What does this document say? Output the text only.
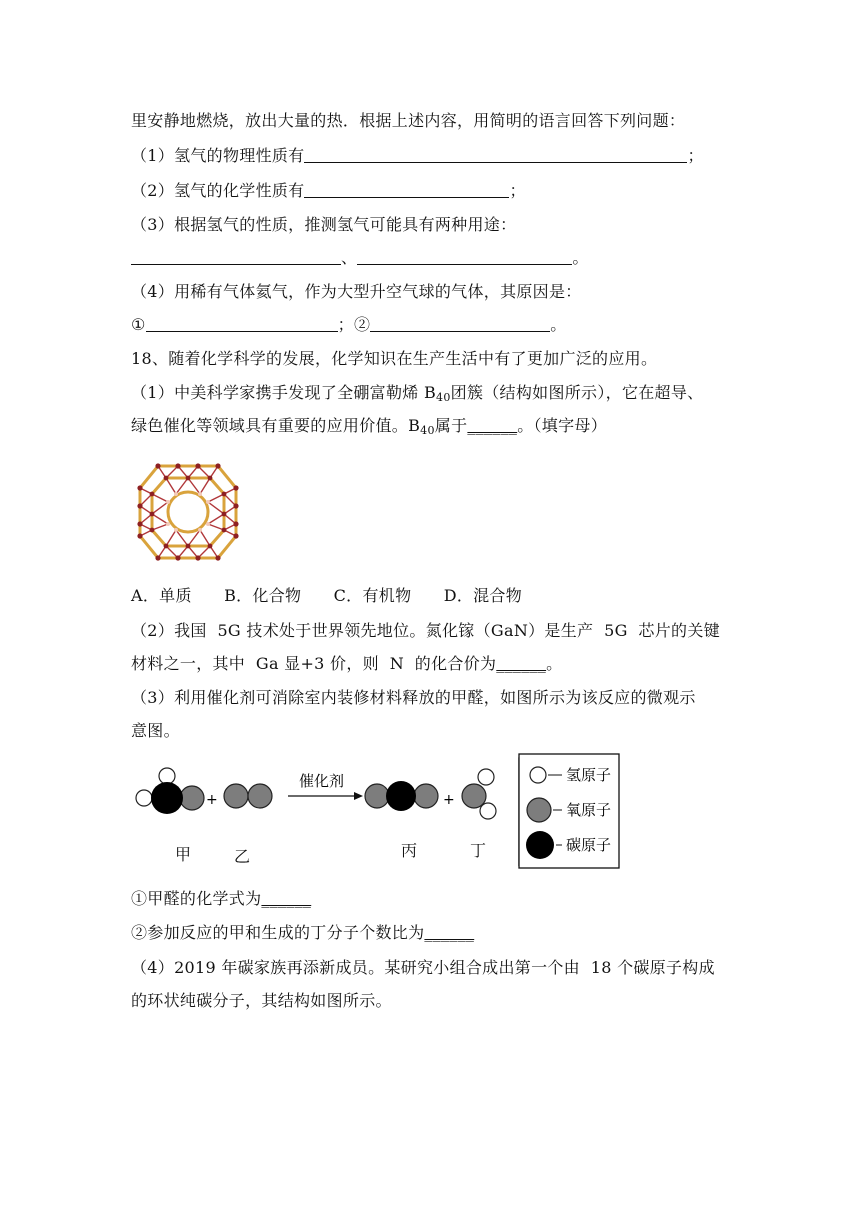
里安静地燃烧，放出大量的热．根据上述内容，用简明的语言回答下列问题：
（1）氢气的物理性质有	；
（2）氢气的化学性质有	；
（3）根据氢气的性质，推测氢气可能具有两种用途：
、	。
（4）用稀有气体氦气，作为大型升空气球的气体，其原因是：
①	；②	。
18、随着化学科学的发展，化学知识在生产生活中有了更加广泛的应用。
（1）中美科学家携手发现了全硼富勒烯 $B_{40}$团簇（结构如图所示），它在超导、
绿色催化等领域具有重要的应用价值。$B_{40}$属于______。（填字母）
A．单质      B．化合物      C．有机物      D．混合物
（2）我国  5G 技术处于世界领先地位。氮化镓（GaN）是生产  5G  芯片的关键
材料之一，其中  Ga 显+3 价，则  N  的化合价为______。
（3）利用催化剂可消除室内装修材料释放的甲醛，如图所示为该反应的微观示
意图。
+
催化剂
+
氢原子
氧原子
碳原子
甲	乙	丙	丁
①甲醛的化学式为______
②参加反应的甲和生成的丁分子个数比为______
（4）2019 年碳家族再添新成员。某研究小组合成出第一个由  18 个碳原子构成
的环状纯碳分子，其结构如图所示。
